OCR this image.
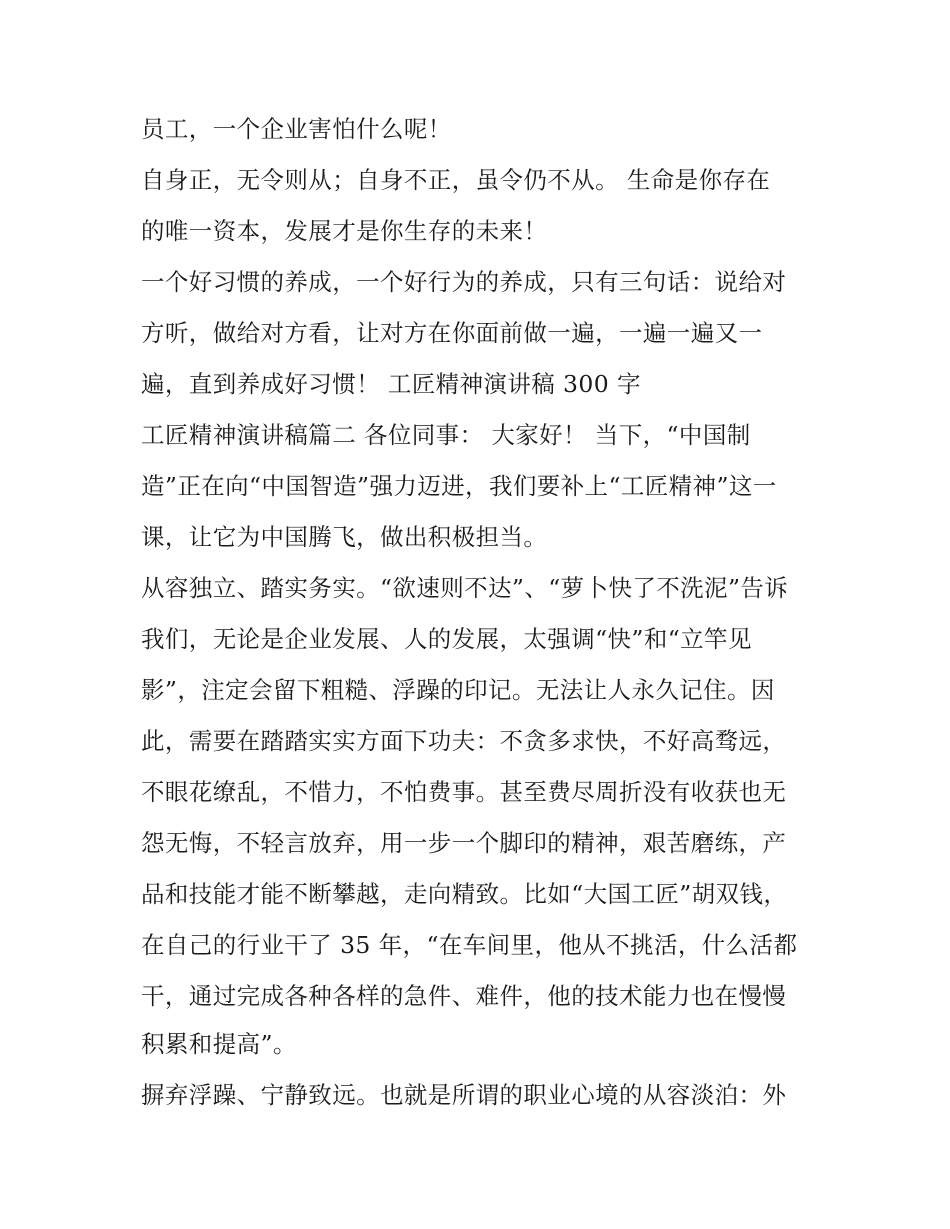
员工，一个企业害怕什么呢！
自身正，无令则从；自身不正，虽令仍不从。 生命是你存在
的唯一资本，发展才是你生存的未来！
一个好习惯的养成，一个好行为的养成，只有三句话：说给对
方听，做给对方看，让对方在你面前做一遍，一遍一遍又一
遍，直到养成好习惯！ 工匠精神演讲稿 300 字
工匠精神演讲稿篇二 各位同事： 大家好！ 当下，“中国制
造”正在向“中国智造”强力迈进，我们要补上“工匠精神”这一
课，让它为中国腾飞，做出积极担当。
从容独立、踏实务实。“欲速则不达”、“萝卜快了不洗泥”告诉
我们，无论是企业发展、人的发展，太强调“快”和“立竿见
影”，注定会留下粗糙、浮躁的印记。无法让人永久记住。因
此，需要在踏踏实实方面下功夫：不贪多求快，不好高骛远，
不眼花缭乱，不惜力，不怕费事。甚至费尽周折没有收获也无
怨无悔，不轻言放弃，用一步一个脚印的精神，艰苦磨练，产
品和技能才能不断攀越，走向精致。比如“大国工匠”胡双钱，
在自己的行业干了 35 年，“在车间里，他从不挑活，什么活都
干，通过完成各种各样的急件、难件，他的技术能力也在慢慢
积累和提高”。
摒弃浮躁、宁静致远。也就是所谓的职业心境的从容淡泊：外
